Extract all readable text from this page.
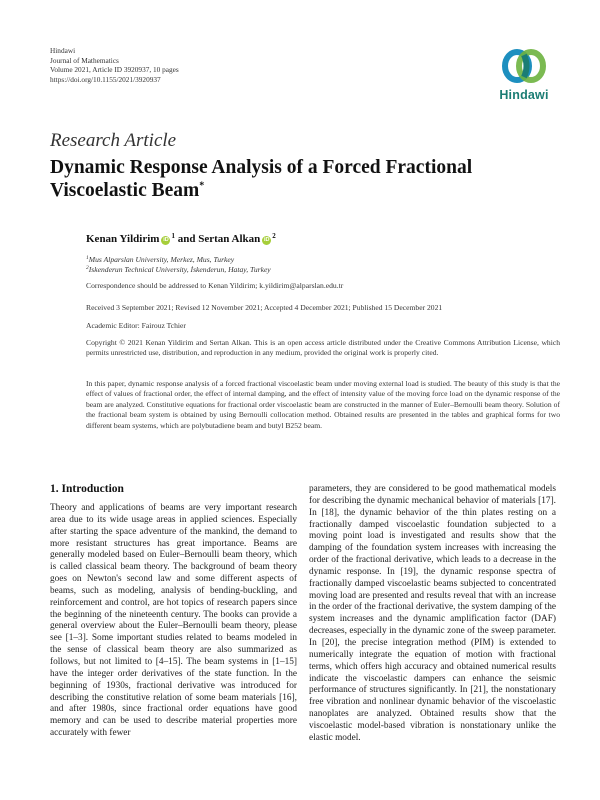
Hindawi
Journal of Mathematics
Volume 2021, Article ID 3920937, 10 pages
https://doi.org/10.1155/2021/3920937
Hindawi
Research Article
Dynamic Response Analysis of a Forced Fractional Viscoelastic Beam*
Kenan Yildirim iD $^1$ and Sertan Alkan iD $^2$
$^1$Mus Alparslan University, Merkez, Mus, Turkey
$^2$Iskenderun Technical University, İskenderun, Hatay, Turkey
Correspondence should be addressed to Kenan Yildirim; k.yildirim@alparslan.edu.tr
Received 3 September 2021; Revised 12 November 2021; Accepted 4 December 2021; Published 15 December 2021
Academic Editor: Fairouz Tchier

Copyright © 2021 Kenan Yildirim and Sertan Alkan. This is an open access article distributed under the Creative Commons Attribution License, which permits unrestricted use, distribution, and reproduction in any medium, provided the original work is properly cited.

In this paper, dynamic response analysis of a forced fractional viscoelastic beam under moving external load is studied. The beauty of this study is that the effect of values of fractional order, the effect of internal damping, and the effect of intensity value of the moving force load on the dynamic response of the beam are analyzed. Constitutive equations for fractional order viscoelastic beam are constructed in the manner of Euler–Bernoulli beam theory. Solution of the fractional beam system is obtained by using Bernoulli collocation method. Obtained results are presented in the tables and graphical forms for two different beam systems, which are polybutadiene beam and butyl B252 beam.

1. Introduction

Theory and applications of beams are very important research area due to its wide usage areas in applied sciences. Especially after starting the space adventure of the mankind, the demand to more resistant structures has great importance. Beams are generally modeled based on Euler–Bernoulli beam theory, which is called classical beam theory. The background of beam theory goes on Newton's second law and some different aspects of beams, such as modeling, analysis of bending-buckling, and reinforcement and control, are hot topics of research papers since the beginning of the nineteenth century. The books can provide a general overview about the Euler–Bernoulli beam theory, please see [1–3]. Some important studies related to beams modeled in the sense of classical beam theory are also summarized as follows, but not limited to [4–15]. The beam systems in [1–15] have the integer order derivatives of the state function. In the beginning of 1930s, fractional derivative was introduced for describing the constitutive relation of some beam materials [16], and after 1980s, since fractional order equations have good memory and can be used to describe material properties more accurately with fewer

parameters, they are considered to be good mathematical models for describing the dynamic mechanical behavior of materials [17]. In [18], the dynamic behavior of the thin plates resting on a fractionally damped viscoelastic foundation subjected to a moving point load is investigated and results show that the damping of the foundation system increases with increasing the order of the fractional derivative, which leads to a decrease in the dynamic response. In [19], the dynamic response spectra of fractionally damped viscoelastic beams subjected to concentrated moving load are presented and results reveal that with an increase in the order of the fractional derivative, the system damping of the system increases and the dynamic amplification factor (DAF) decreases, especially in the dynamic zone of the sweep parameter. In [20], the precise integration method (PIM) is extended to numerically integrate the equation of motion with fractional terms, which offers high accuracy and obtained numerical results indicate the viscoelastic dampers can enhance the seismic performance of structures significantly. In [21], the nonstationary free vibration and nonlinear dynamic behavior of the viscoelastic nanoplates are analyzed. Obtained results show that the viscoelastic model-based vibration is nonstationary unlike the elastic model.
